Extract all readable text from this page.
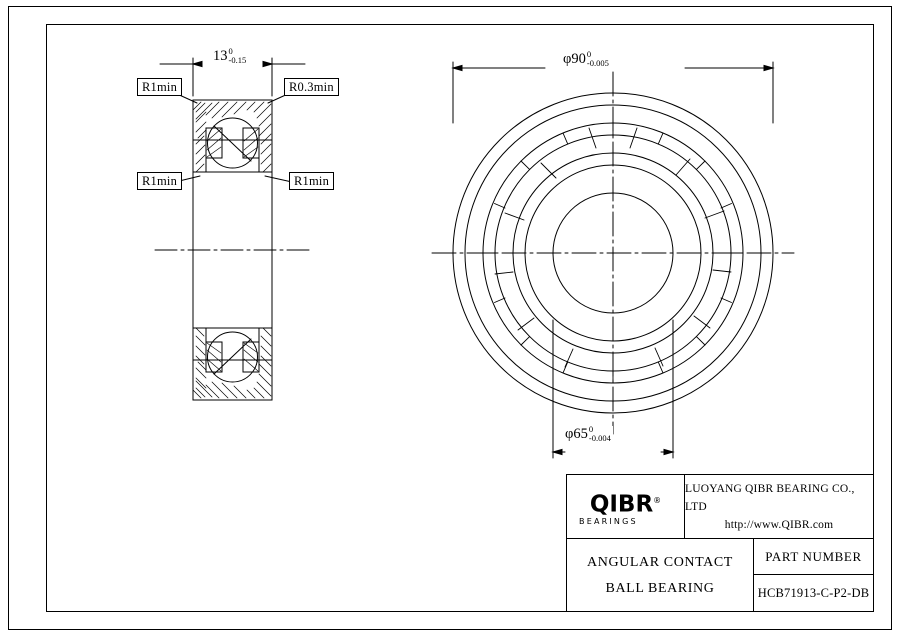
R1min	R0.3min
R1min	R1min
13 0
-0.15	φ90 0
-0.005
φ65 0
-0.004
QIBR®
BEARINGS
LUOYANG QIBR BEARING CO., LTD
http://www.QIBR.com
ANGULAR CONTACT
BALL BEARING
PART NUMBER
HCB71913-C-P2-DB
